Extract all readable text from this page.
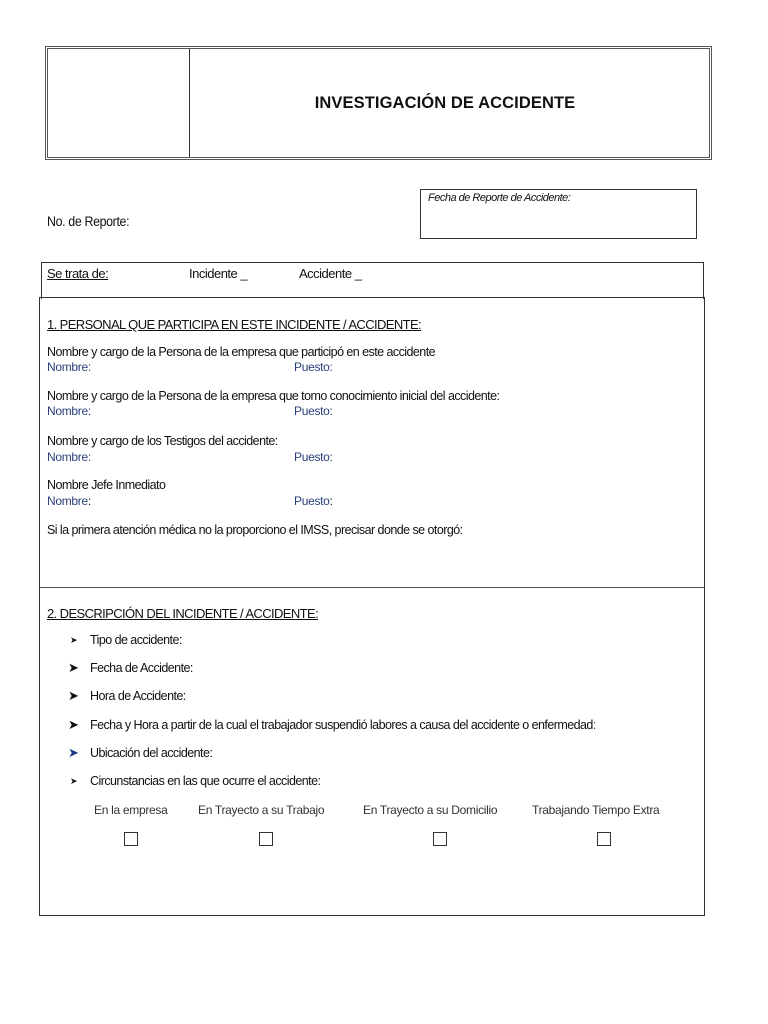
INVESTIGACIÓN DE ACCIDENTE
No. de Reporte:
Fecha de Reporte de Accidente:
Se trata de:	Incidente _	Accidente _
1. PERSONAL QUE PARTICIPA EN ESTE INCIDENTE / ACCIDENTE:
Nombre y cargo de la Persona de la empresa que participó en este accidente
Nombre:	Puesto:
Nombre y cargo de la Persona de la empresa que tomo conocimiento inicial del accidente:
Nombre:	Puesto:
Nombre y cargo de los Testigos del accidente:
Nombre:	Puesto:
Nombre Jefe Inmediato
Nombre:	Puesto:
Si la primera atención médica no la proporciono el IMSS, precisar donde se otorgó:
2. DESCRIPCIÓN DEL INCIDENTE / ACCIDENTE:
➤	Tipo de accidente:
➤ Fecha de Accidente:
➤ Hora de Accidente:
➤ Fecha y Hora a partir de la cual el trabajador suspendió labores a causa del accidente o enfermedad :
➤ Ubicación del accidente:
➤	Circunstancias en las que ocurre el accidente:
En la empresa	En Trayecto a su Trabajo	En Trayecto a su Domicilio	Trabajando Tiempo Extra
